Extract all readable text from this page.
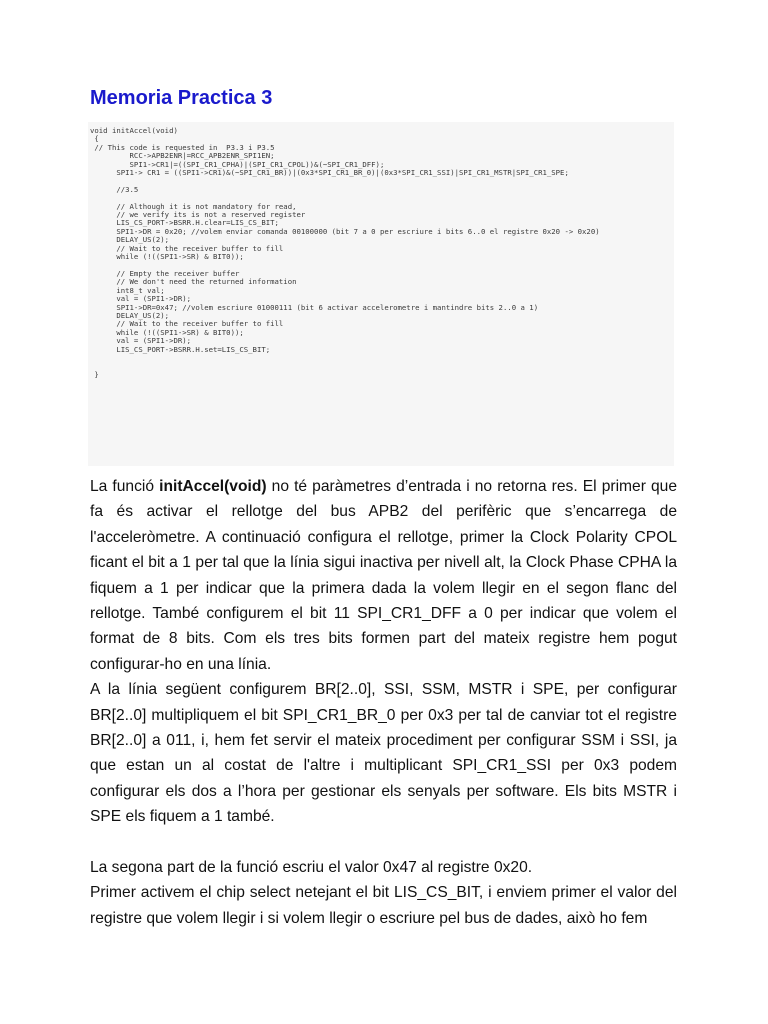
Memoria Practica 3
void initAccel(void)
{
// This code is requested in  P3.3 i P3.5
RCC->APB2ENR|=RCC_APB2ENR_SPI1EN;
SPI1->CR1|=((SPI_CR1_CPHA)|(SPI_CR1_CPOL))&(~SPI_CR1_DFF);
SPI1-> CR1 = ((SPI1->CR1)&(~SPI_CR1_BR))|(0x3*SPI_CR1_BR_0)|(0x3*SPI_CR1_SSI)|SPI_CR1_MSTR|SPI_CR1_SPE;

//3.5

// Although it is not mandatory for read,
// we verify its is not a reserved register
LIS_CS_PORT->BSRR.H.clear=LIS_CS_BIT;
SPI1->DR = 0x20; //volem enviar comanda 00100000 (bit 7 a 0 per escriure i bits 6..0 el registre 0x20 -> 0x20)
DELAY_US(2);
// Wait to the receiver buffer to fill
while (!((SPI1->SR) & BIT0));

// Empty the receiver buffer
// We don't need the returned information
int8_t val;
val = (SPI1->DR);
SPI1->DR=0x47; //volem escriure 01000111 (bit 6 activar accelerometre i mantindre bits 2..0 a 1)
DELAY_US(2);
// Wait to the receiver buffer to fill
while (!((SPI1->SR) & BIT0));
val = (SPI1->DR);
LIS_CS_PORT->BSRR.H.set=LIS_CS_BIT;

}

La funció initAccel(void) no té paràmetres d’entrada i no retorna res. El primer que fa és activar el rellotge del bus APB2 del perifèric que s’encarrega de l'acceleròmetre. A continuació configura el rellotge, primer la Clock Polarity CPOL ficant el bit a 1 per tal que la línia sigui inactiva per nivell alt, la Clock Phase CPHA la fiquem a 1 per indicar que la primera dada la volem llegir en el segon flanc del rellotge. També configurem el bit 11 SPI_CR1_DFF a 0 per indicar que volem el format de 8 bits. Com els tres bits formen part del mateix registre hem pogut configurar-ho en una línia.

A la línia següent configurem BR[2..0], SSI, SSM, MSTR i SPE, per configurar BR[2..0] multipliquem el bit SPI_CR1_BR_0 per 0x3 per tal de canviar tot el registre BR[2..0] a 011, i, hem fet servir el mateix procediment per configurar SSM i SSI, ja que estan un al costat de l'altre i multiplicant SPI_CR1_SSI per 0x3 podem configurar els dos a l’hora per gestionar els senyals per software. Els bits MSTR i SPE els fiquem a 1 també.

La segona part de la funció escriu el valor 0x47 al registre 0x20.

Primer activem el chip select netejant el bit LIS_CS_BIT, i enviem primer el valor del registre que volem llegir i si volem llegir o escriure pel bus de dades, això ho fem
